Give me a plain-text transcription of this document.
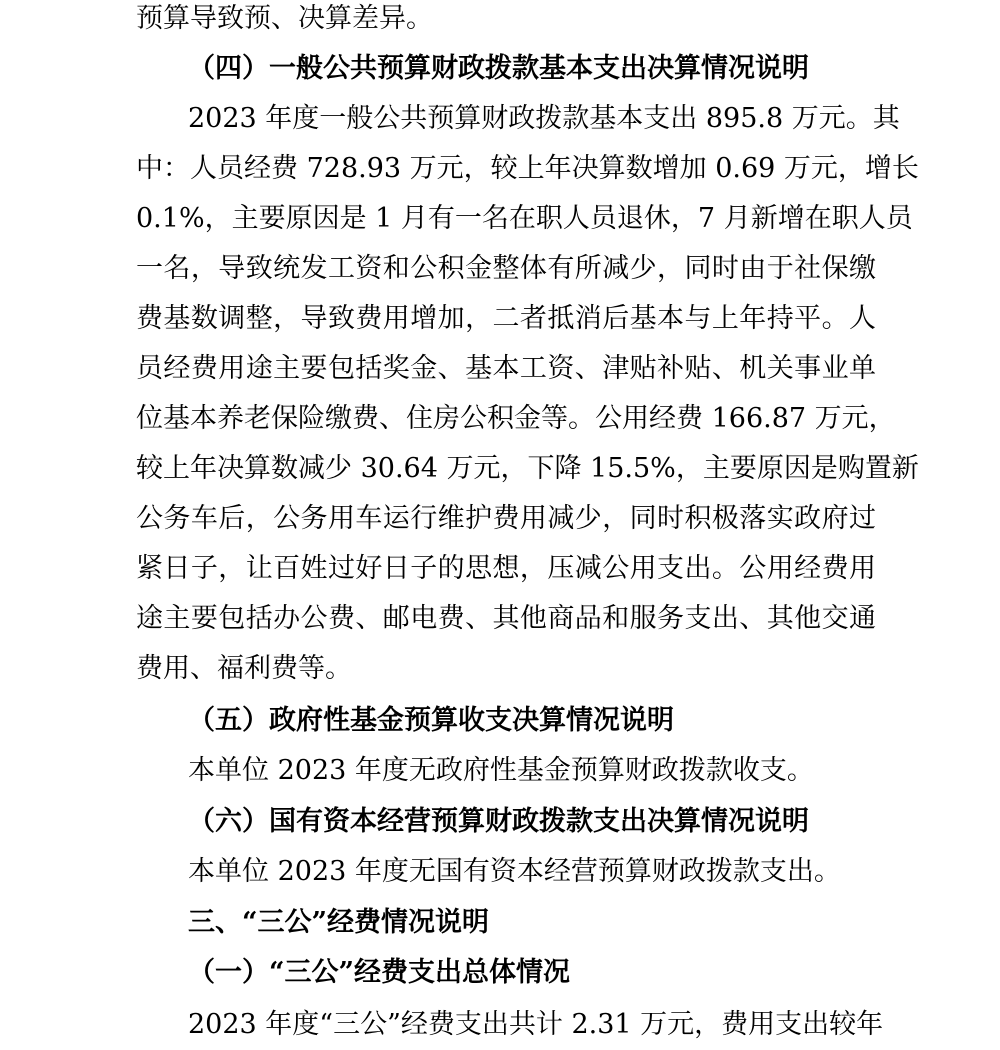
预算导致预、决算差异。
（四）一般公共预算财政拨款基本支出决算情况说明
2023 年度一般公共预算财政拨款基本支出 895.8 万元。其
中：人员经费 728.93 万元，较上年决算数增加 0.69 万元，增长
0.1%，主要原因是 1 月有一名在职人员退休，7 月新增在职人员
一名，导致统发工资和公积金整体有所减少，同时由于社保缴
费基数调整，导致费用增加，二者抵消后基本与上年持平。人
员经费用途主要包括奖金、基本工资、津贴补贴、机关事业单
位基本养老保险缴费、住房公积金等。公用经费 166.87 万元，
较上年决算数减少 30.64 万元，下降 15.5%，主要原因是购置新
公务车后，公务用车运行维护费用减少，同时积极落实政府过
紧日子，让百姓过好日子的思想，压减公用支出。公用经费用
途主要包括办公费、邮电费、其他商品和服务支出、其他交通
费用、福利费等。
（五）政府性基金预算收支决算情况说明
本单位 2023 年度无政府性基金预算财政拨款收支。
（六）国有资本经营预算财政拨款支出决算情况说明
本单位 2023 年度无国有资本经营预算财政拨款支出。
三、“三公”经费情况说明
（一）“三公”经费支出总体情况
2023 年度“三公”经费支出共计 2.31 万元，费用支出较年
